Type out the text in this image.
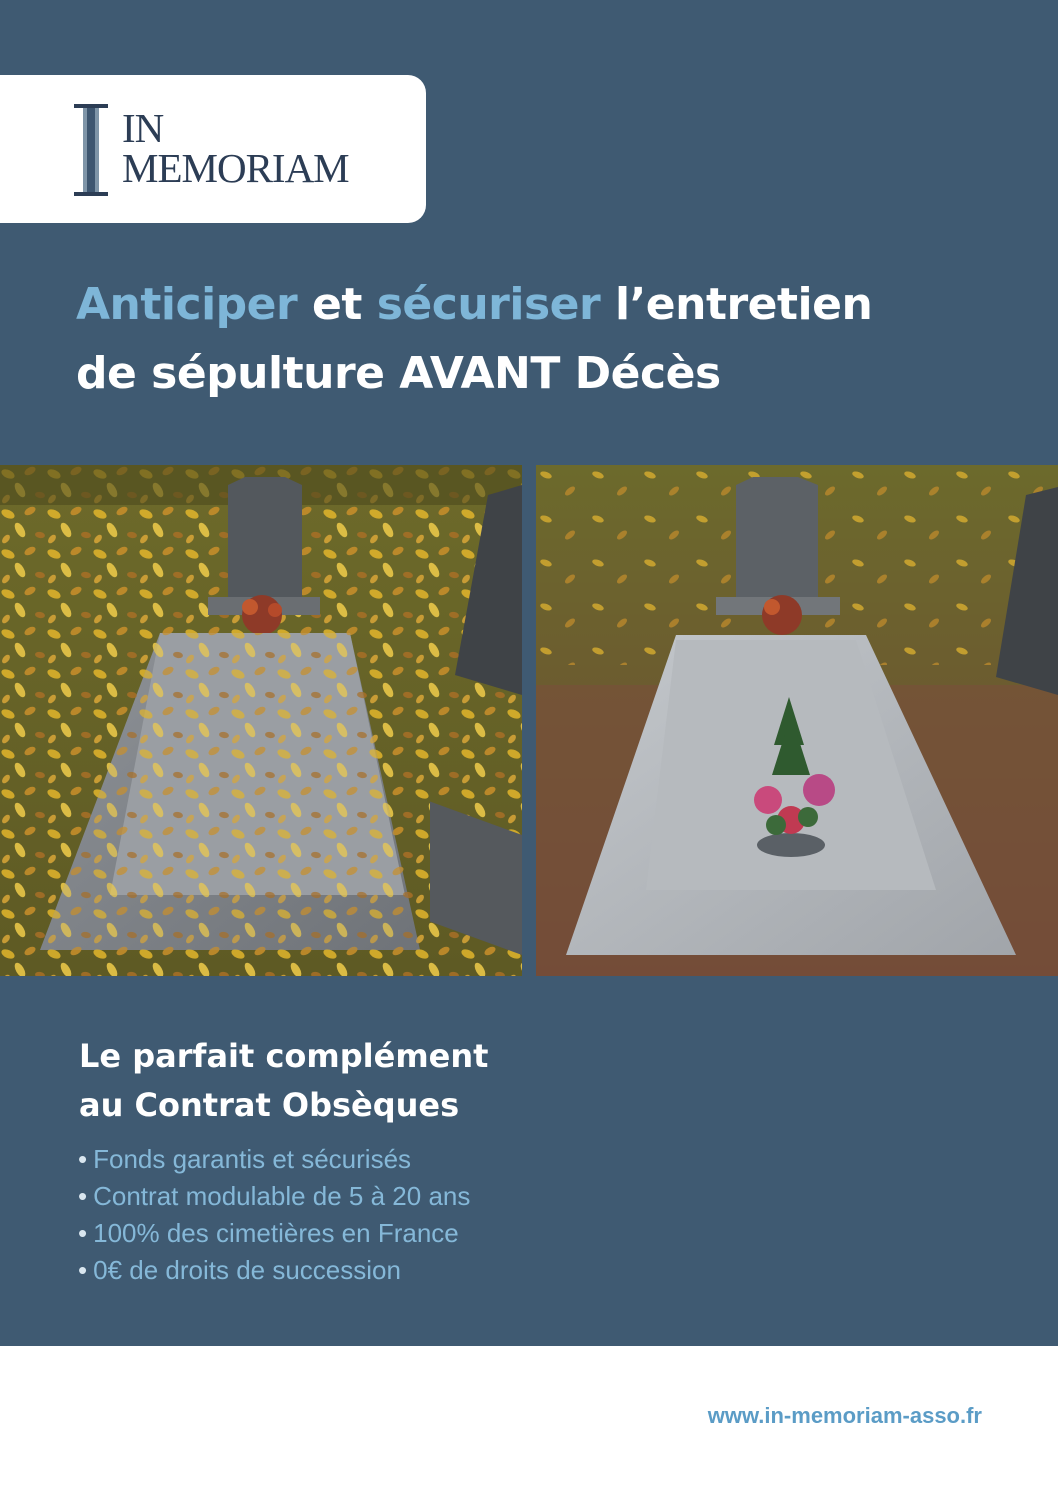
IN
MEMORIAM
Anticiper et sécuriser l’entretien
de sépulture AVANT Décès
Le parfait complément
au Contrat Obsèques
• Fonds garantis et sécurisés
• Contrat modulable de 5 à 20 ans
• 100% des cimetières en France
• 0€ de droits de succession
www.in-memoriam-asso.fr
